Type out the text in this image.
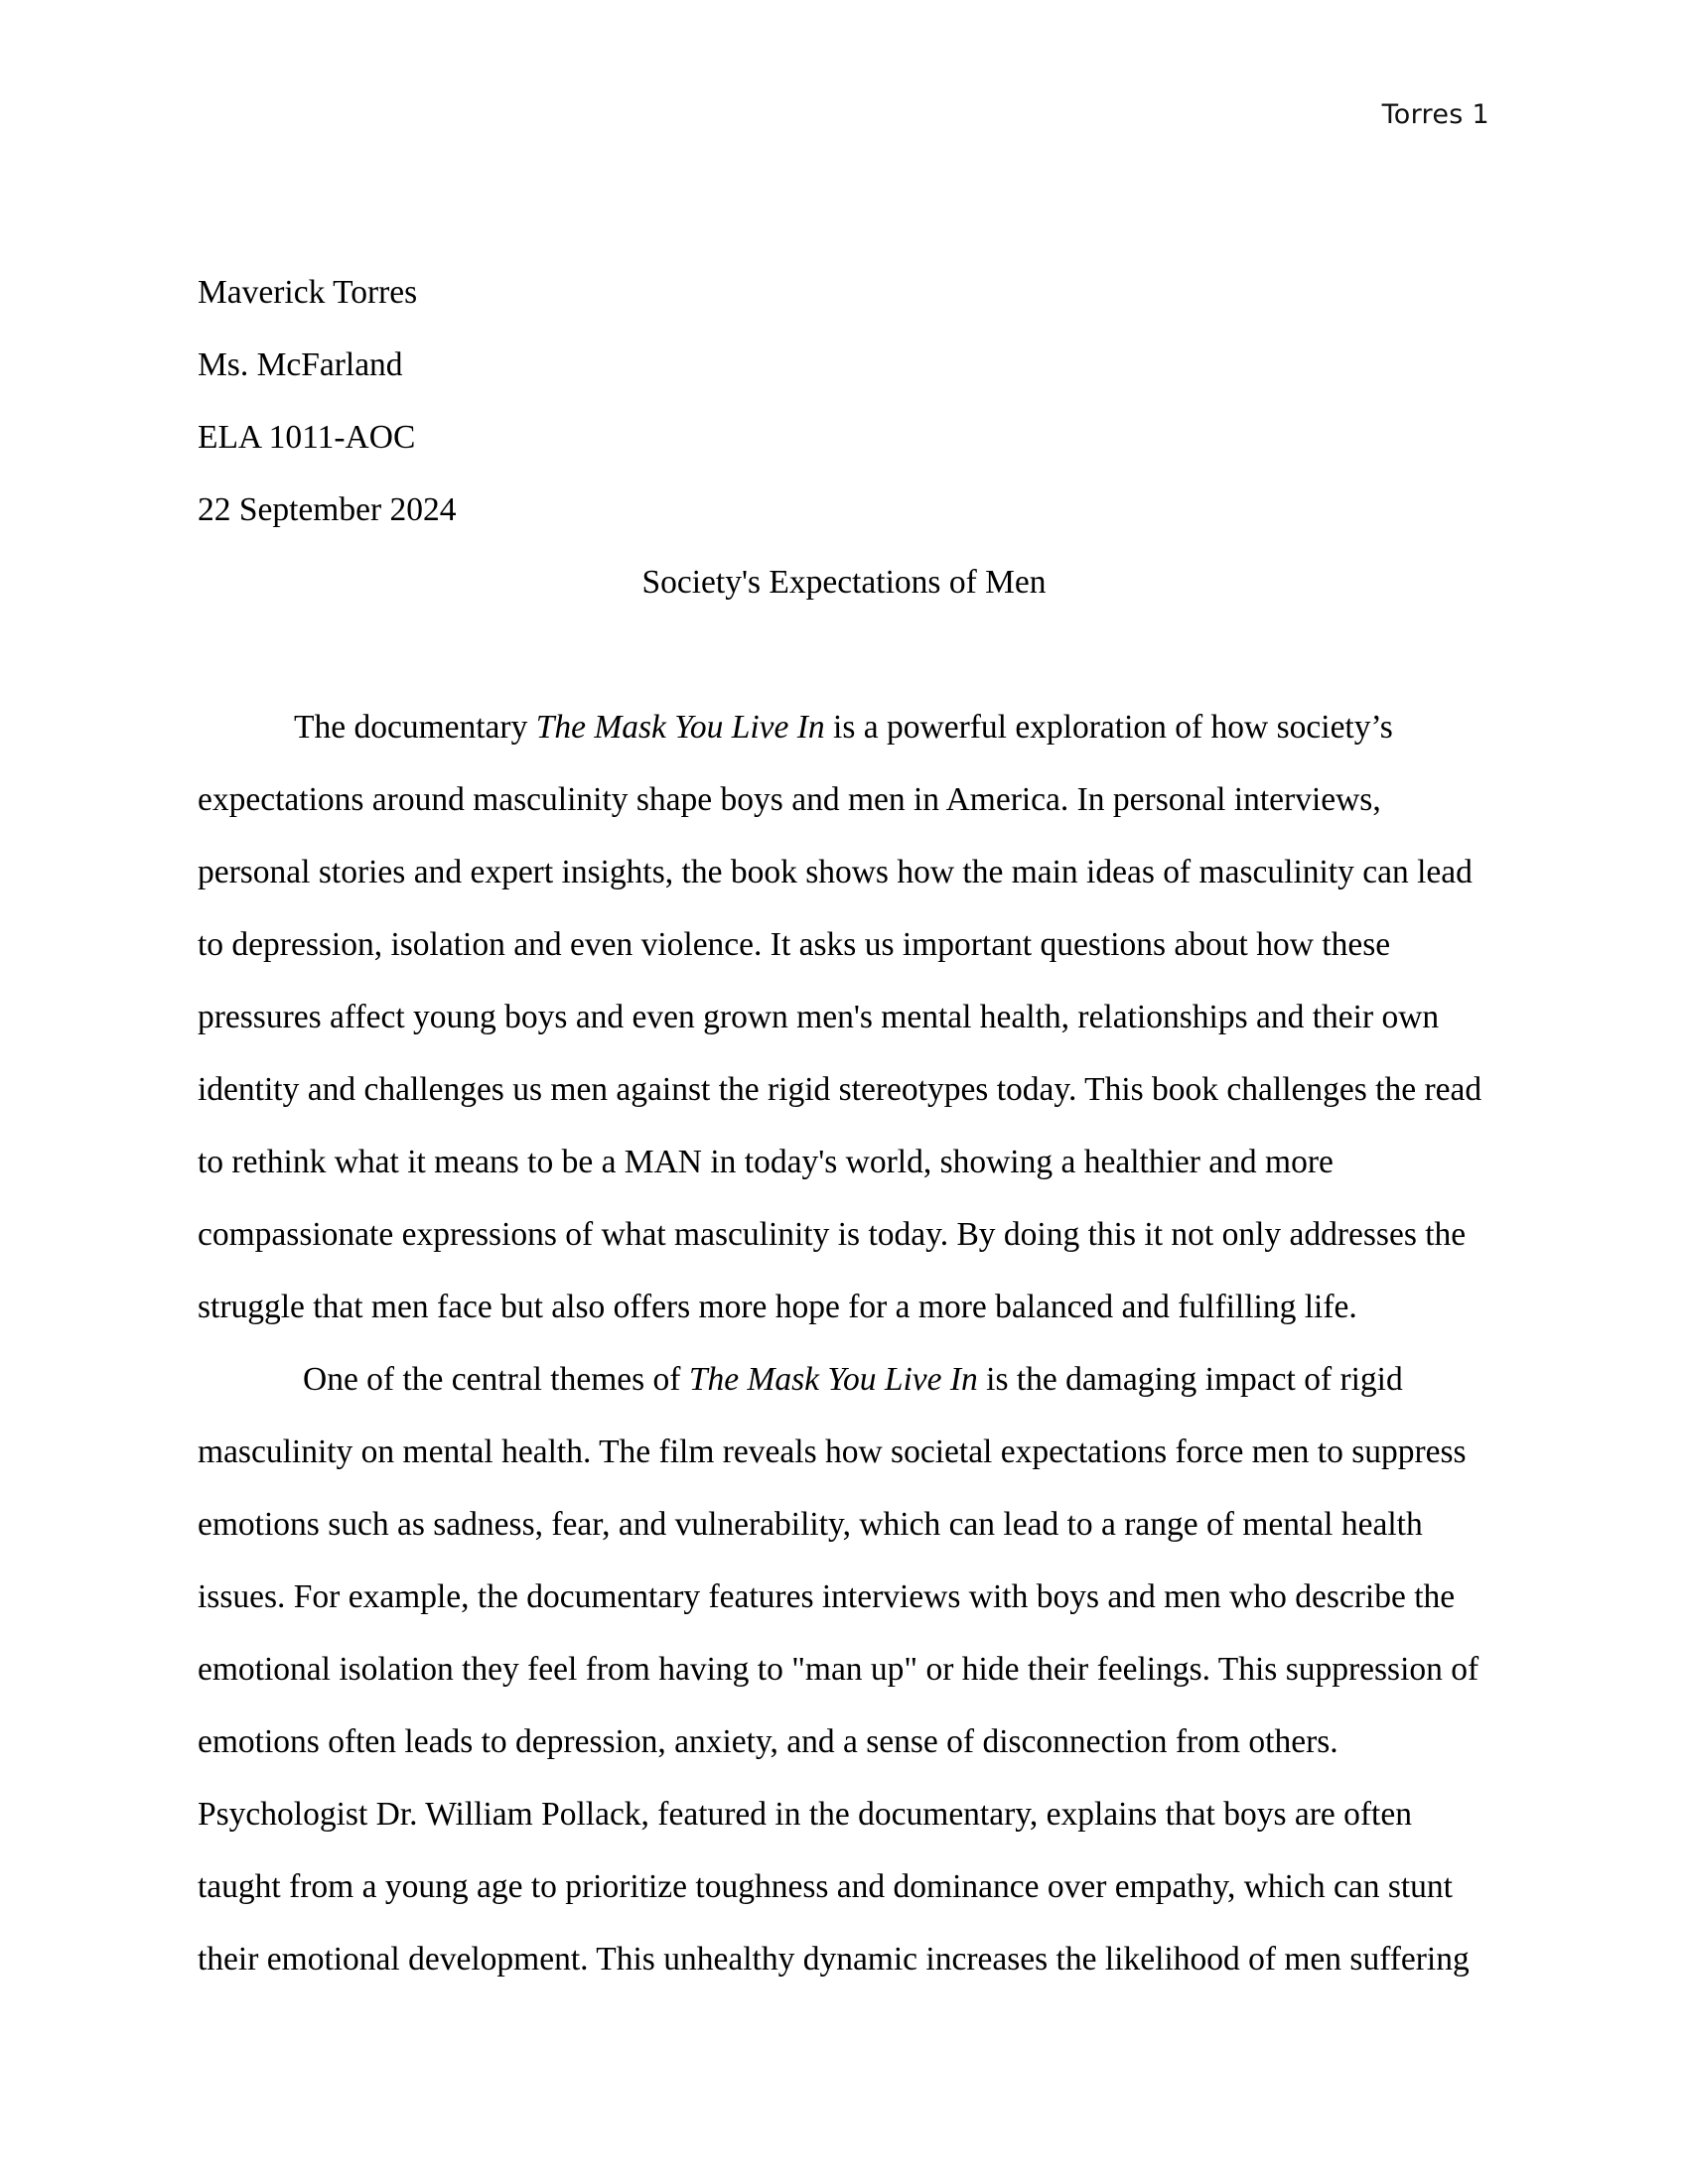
Torres 1

Maverick Torres

Ms. McFarland

ELA 1011-AOC

22 September 2024

Society's Expectations of Men

The documentary The Mask You Live In is a powerful exploration of how society’s expectations around masculinity shape boys and men in America. In personal interviews, personal stories and expert insights, the book shows how the main ideas of masculinity can lead to depression, isolation and even violence. It asks us important questions about how these pressures affect young boys and even grown men's mental health, relationships and their own identity and challenges us men against the rigid stereotypes today. This book challenges the read to rethink what it means to be a MAN in today's world, showing a healthier and more compassionate expressions of what masculinity is today. By doing this it not only addresses the struggle that men face but also offers more hope for a more balanced and fulfilling life.

One of the central themes of The Mask You Live In is the damaging impact of rigid masculinity on mental health. The film reveals how societal expectations force men to suppress emotions such as sadness, fear, and vulnerability, which can lead to a range of mental health issues. For example, the documentary features interviews with boys and men who describe the emotional isolation they feel from having to "man up" or hide their feelings. This suppression of emotions often leads to depression, anxiety, and a sense of disconnection from others. Psychologist Dr. William Pollack, featured in the documentary, explains that boys are often taught from a young age to prioritize toughness and dominance over empathy, which can stunt their emotional development. This unhealthy dynamic increases the likelihood of men suffering
